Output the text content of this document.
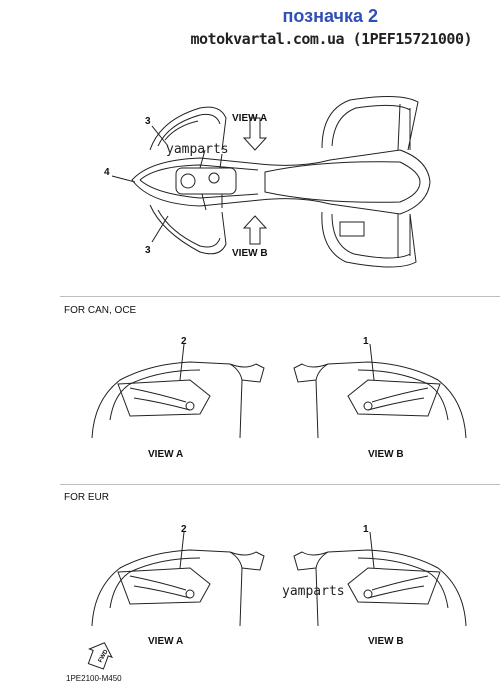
позначка 2
motokvartal.com.ua (1PEF15721000)
3
4
3
VIEW A
VIEW B
yamparts
FOR CAN, OCE
2
VIEW A
1
VIEW B
FOR EUR
2
VIEW A
1
VIEW B
yamparts
FWD
1PE2100-M450
